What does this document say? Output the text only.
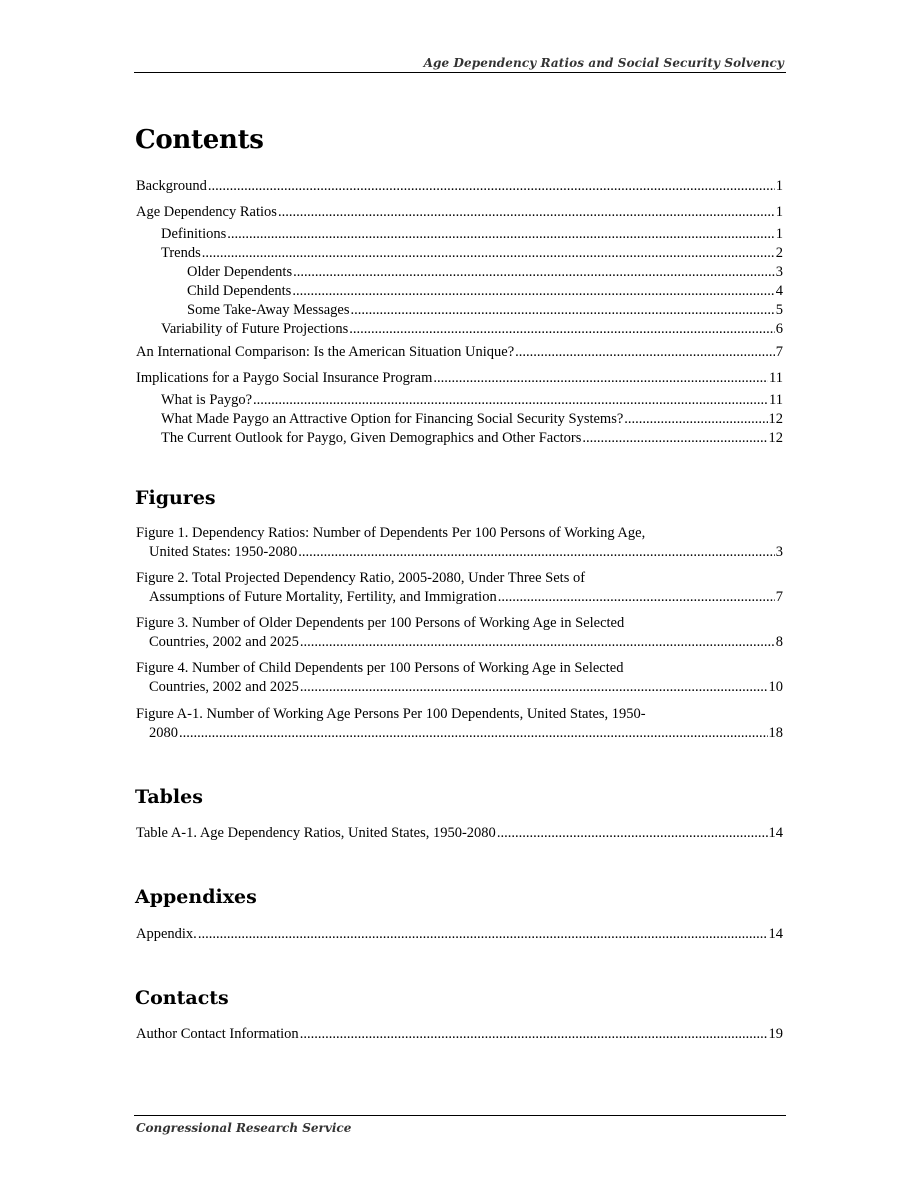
Age Dependency Ratios and Social Security Solvency
Contents
Background .....	1
Age Dependency Ratios .....	1
Definitions .....	1
Trends .....	2
Older Dependents .....	3
Child Dependents .....	4
Some Take-Away Messages .....	5
Variability of Future Projections .....	6
An International Comparison: Is the American Situation Unique? .....	7
Implications for a Paygo Social Insurance Program .....	11
What is Paygo? .....	11
What Made Paygo an Attractive Option for Financing Social Security Systems? .....	12
The Current Outlook for Paygo, Given Demographics and Other Factors .....	12
Figures
Figure 1. Dependency Ratios: Number of Dependents Per 100 Persons of Working Age,
United States: 1950-2080 .....	3
Figure 2. Total Projected Dependency Ratio, 2005-2080, Under Three Sets of
Assumptions of Future Mortality, Fertility, and Immigration .....	7
Figure 3. Number of Older Dependents per 100 Persons of Working Age in Selected
Countries, 2002 and 2025 .....	8
Figure 4. Number of Child Dependents per 100 Persons of Working Age in Selected
Countries, 2002 and 2025 .....	10
Figure A-1. Number of Working Age Persons Per 100 Dependents, United States, 1950-
2080 .....	18
Tables
Table A-1. Age Dependency Ratios, United States, 1950-2080 .....	14
Appendixes
Appendix. .....	14
Contacts
Author Contact Information .....	19
Congressional Research Service
